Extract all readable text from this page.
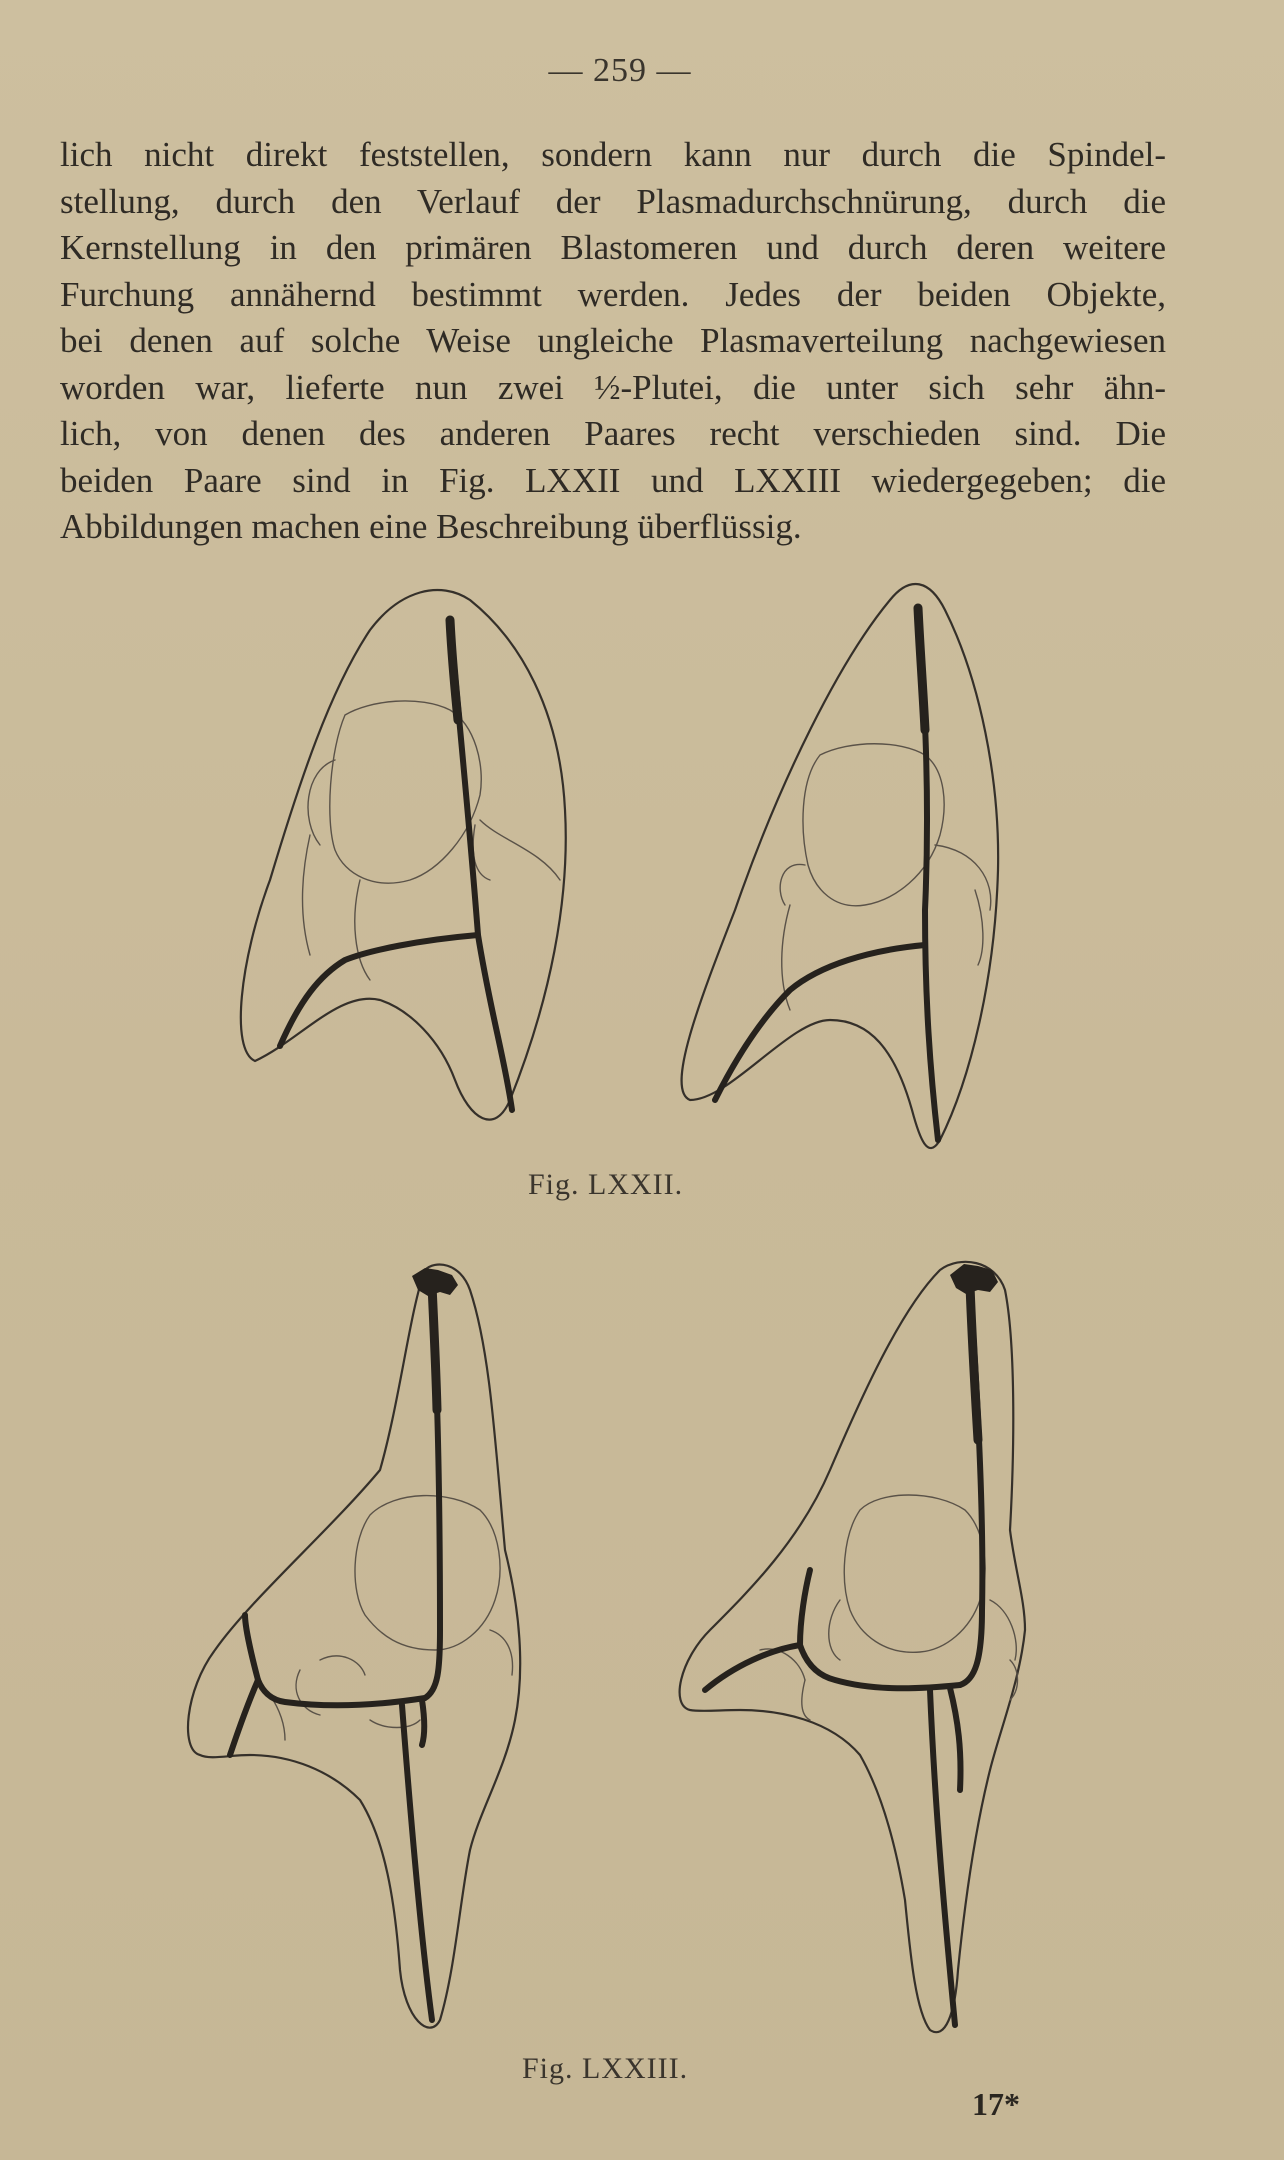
— 259 —
lich nicht direkt feststellen, sondern kann nur durch die Spindel-
stellung, durch den Verlauf der Plasmadurchschnürung, durch die
Kernstellung in den primären Blastomeren und durch deren weitere
Furchung annähernd bestimmt werden. Jedes der beiden Objekte,
bei denen auf solche Weise ungleiche Plasmaverteilung nachgewiesen
worden war, lieferte nun zwei ½-Plutei, die unter sich sehr ähn-
lich, von denen des anderen Paares recht verschieden sind. Die
beiden Paare sind in Fig. LXXII und LXXIII wiedergegeben; die
Abbildungen machen eine Beschreibung überflüssig.
Fig. LXXII.
Fig. LXXIII.
17*
